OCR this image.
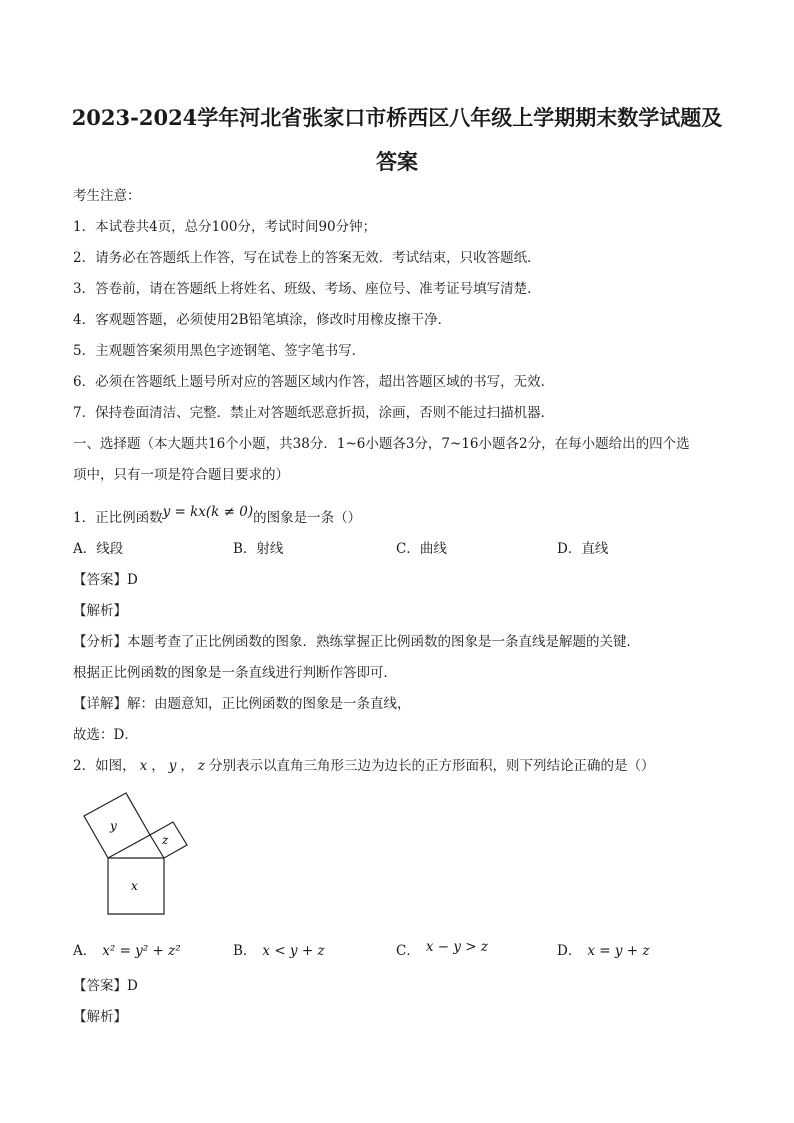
2023-2024学年河北省张家口市桥西区八年级上学期期末数学试题及
答案
考生注意：
1．本试卷共4页，总分100分，考试时间90分钟；
2．请务必在答题纸上作答，写在试卷上的答案无效．考试结束，只收答题纸．
3．答卷前，请在答题纸上将姓名、班级、考场、座位号、准考证号填写清楚．
4．客观题答题，必须使用2B铅笔填涂，修改时用橡皮擦干净．
5．主观题答案须用黑色字迹钢笔、签字笔书写．
6．必须在答题纸上题号所对应的答题区域内作答，超出答题区域的书写，无效．
7．保持卷面清洁、完整．禁止对答题纸恶意折损，涂画，否则不能过扫描机器．
一、选择题（本大题共16个小题，共38分．1~6小题各3分，7~16小题各2分，在每小题给出的四个选
项中，只有一项是符合题目要求的）
1．正比例函数y = kx(k ≠ 0)的图象是一条（）
A．线段	B．射线	C．曲线	D．直线
【答案】D
【解析】
【分析】本题考查了正比例函数的图象．熟练掌握正比例函数的图象是一条直线是解题的关键．
根据正比例函数的图象是一条直线进行判断作答即可．
【详解】解：由题意知，正比例函数的图象是一条直线，
故选：D．
2．如图， x ， y ， z 分别表示以直角三角形三边为边长的正方形面积，则下列结论正确的是（）
y
z
x
A． x² = y² + z²	B． x < y + z	C． x − y > z	D． x = y + z
【答案】D
【解析】
